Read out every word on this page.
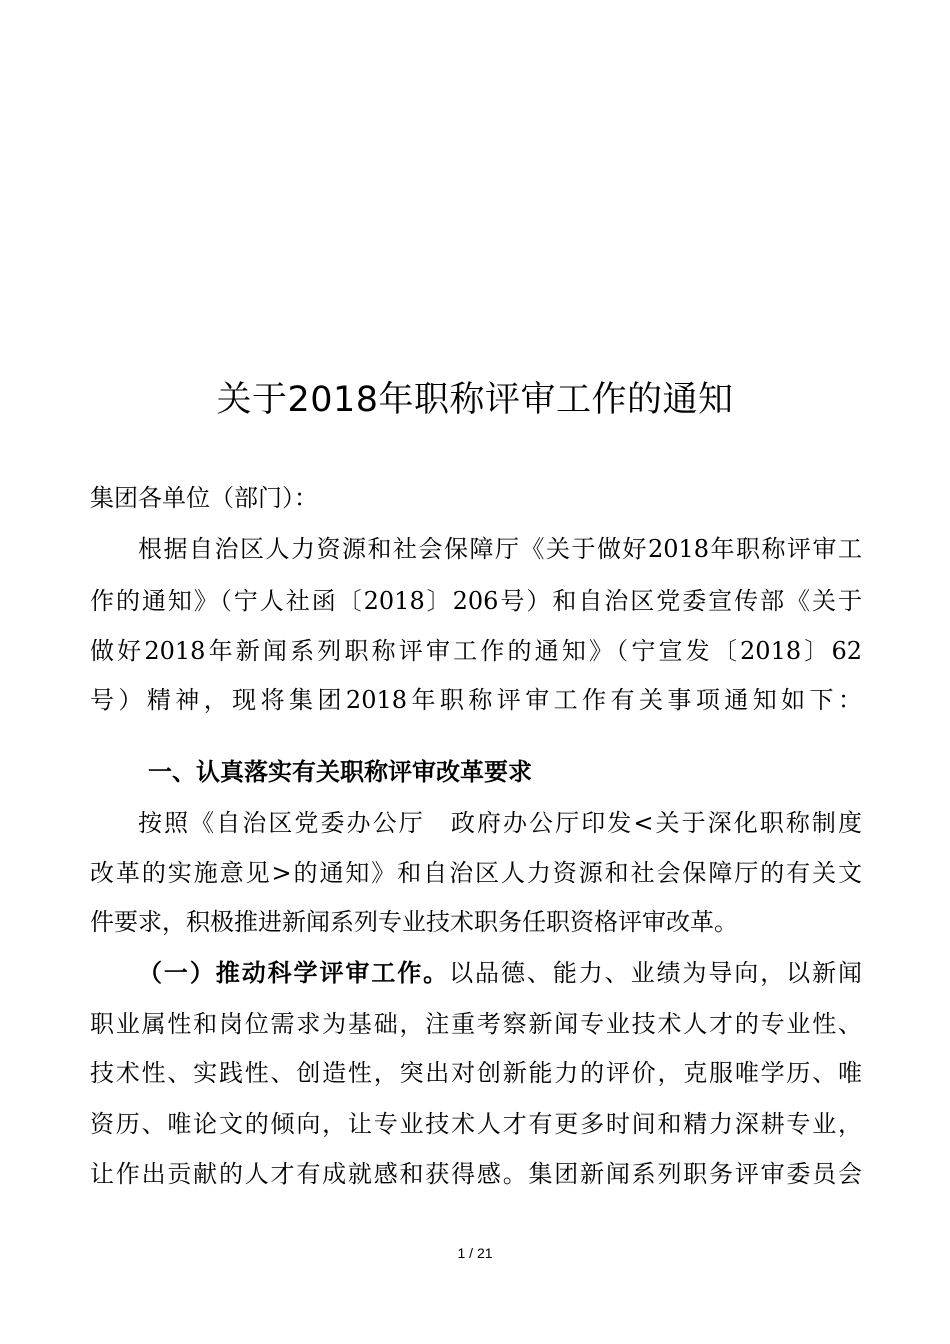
关于2018年职称评审工作的通知
集团各单位（部门）：
根据自治区人力资源和社会保障厅《关于做好2018年职称评审工
作的通知》（宁人社函〔2018〕206号）和自治区党委宣传部《关于
做好2018年新闻系列职称评审工作的通知》（宁宣发〔2018〕62
号）精神，现将集团2018年职称评审工作有关事项通知如下：
一、认真落实有关职称评审改革要求
按照《自治区党委办公厅　政府办公厅印发<关于深化职称制度
改革的实施意见>的通知》和自治区人力资源和社会保障厅的有关文
件要求，积极推进新闻系列专业技术职务任职资格评审改革。
（一）推动科学评审工作。以品德、能力、业绩为导向，以新闻
职业属性和岗位需求为基础，注重考察新闻专业技术人才的专业性、
技术性、实践性、创造性，突出对创新能力的评价，克服唯学历、唯
资历、唯论文的倾向，让专业技术人才有更多时间和精力深耕专业，
让作出贡献的人才有成就感和获得感。集团新闻系列职务评审委员会
1 / 21
